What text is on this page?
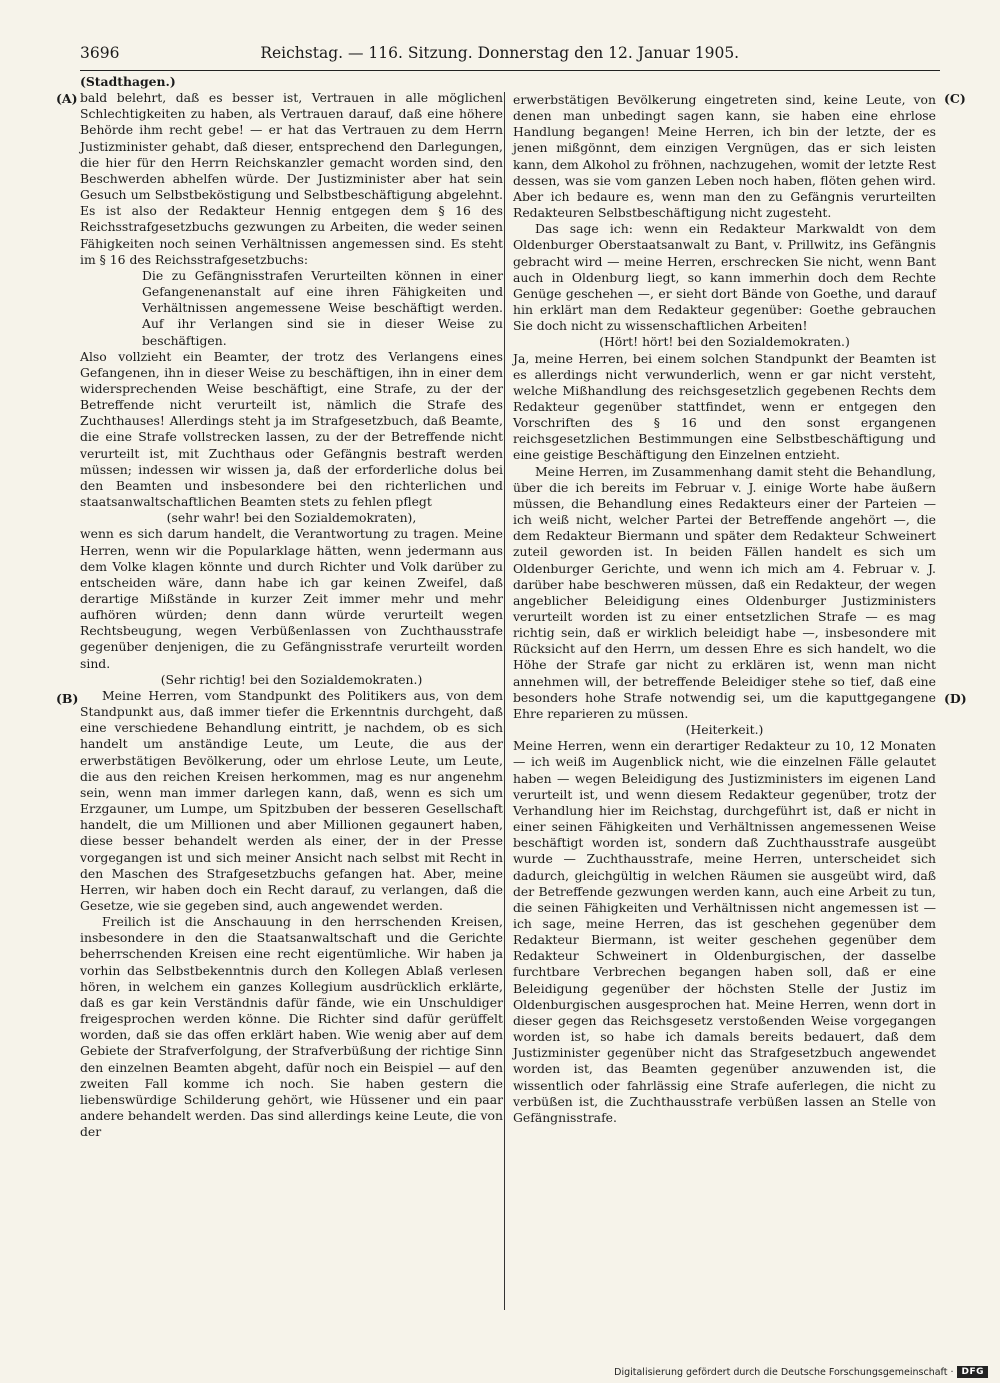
3696	Reichstag. — 116. Sitzung. Donnerstag den 12. Januar 1905.
(A)
(B)
(C)
(D)

(Stadthagen.)

bald belehrt, daß es besser ist, Vertrauen in alle möglichen Schlechtigkeiten zu haben, als Vertrauen darauf, daß eine höhere Behörde ihm recht gebe! — er hat das Vertrauen zu dem Herrn Justizminister gehabt, daß dieser, entsprechend den Darlegungen, die hier für den Herrn Reichskanzler gemacht worden sind, den Beschwerden abhelfen würde. Der Justizminister aber hat sein Gesuch um Selbstbeköstigung und Selbstbeschäftigung abgelehnt. Es ist also der Redakteur Hennig entgegen dem § 16 des Reichsstrafgesetzbuchs gezwungen zu Arbeiten, die weder seinen Fähigkeiten noch seinen Verhältnissen angemessen sind. Es steht im § 16 des Reichsstrafgesetzbuchs:

Die zu Gefängnisstrafen Verurteilten können in einer Gefangenenanstalt auf eine ihren Fähigkeiten und Verhältnissen angemessene Weise beschäftigt werden. Auf ihr Verlangen sind sie in dieser Weise zu beschäftigen.

Also vollzieht ein Beamter, der trotz des Verlangens eines Gefangenen, ihn in dieser Weise zu beschäftigen, ihn in einer dem widersprechenden Weise beschäftigt, eine Strafe, zu der der Betreffende nicht verurteilt ist, nämlich die Strafe des Zuchthauses! Allerdings steht ja im Strafgesetzbuch, daß Beamte, die eine Strafe vollstrecken lassen, zu der der Betreffende nicht verurteilt ist, mit Zuchthaus oder Gefängnis bestraft werden müssen; indessen wir wissen ja, daß der erforderliche dolus bei den Beamten und insbesondere bei den richterlichen und staatsanwaltschaftlichen Beamten stets zu fehlen pflegt

(sehr wahr! bei den Sozialdemokraten),

wenn es sich darum handelt, die Verantwortung zu tragen. Meine Herren, wenn wir die Popularklage hätten, wenn jedermann aus dem Volke klagen könnte und durch Richter und Volk darüber zu entscheiden wäre, dann habe ich gar keinen Zweifel, daß derartige Mißstände in kurzer Zeit immer mehr und mehr aufhören würden; denn dann würde verurteilt wegen Rechtsbeugung, wegen Verbüßenlassen von Zuchthausstrafe gegenüber denjenigen, die zu Gefängnisstrafe verurteilt worden sind.

(Sehr richtig! bei den Sozialdemokraten.)

Meine Herren, vom Standpunkt des Politikers aus, von dem Standpunkt aus, daß immer tiefer die Erkenntnis durchgeht, daß eine verschiedene Behandlung eintritt, je nachdem, ob es sich handelt um anständige Leute, um Leute, die aus der erwerbstätigen Bevölkerung, oder um ehrlose Leute, um Leute, die aus den reichen Kreisen herkommen, mag es nur angenehm sein, wenn man immer darlegen kann, daß, wenn es sich um Erzgauner, um Lumpe, um Spitzbuben der besseren Gesellschaft handelt, die um Millionen und aber Millionen gegaunert haben, diese besser behandelt werden als einer, der in der Presse vorgegangen ist und sich meiner Ansicht nach selbst mit Recht in den Maschen des Strafgesetzbuchs gefangen hat. Aber, meine Herren, wir haben doch ein Recht darauf, zu verlangen, daß die Gesetze, wie sie gegeben sind, auch angewendet werden.

Freilich ist die Anschauung in den herrschenden Kreisen, insbesondere in den die Staatsanwaltschaft und die Gerichte beherrschenden Kreisen eine recht eigentümliche. Wir haben ja vorhin das Selbstbekenntnis durch den Kollegen Ablaß verlesen hören, in welchem ein ganzes Kollegium ausdrücklich erklärte, daß es gar kein Verständnis dafür fände, wie ein Unschuldiger freigesprochen werden könne. Die Richter sind dafür gerüffelt worden, daß sie das offen erklärt haben. Wie wenig aber auf dem Gebiete der Strafverfolgung, der Strafverbüßung der richtige Sinn den einzelnen Beamten abgeht, dafür noch ein Beispiel — auf den zweiten Fall komme ich noch. Sie haben gestern die liebenswürdige Schilderung gehört, wie Hüssener und ein paar andere behandelt werden. Das sind allerdings keine Leute, die von der

erwerbstätigen Bevölkerung eingetreten sind, keine Leute, von denen man unbedingt sagen kann, sie haben eine ehrlose Handlung begangen! Meine Herren, ich bin der letzte, der es jenen mißgönnt, dem einzigen Vergnügen, das er sich leisten kann, dem Alkohol zu fröhnen, nachzugehen, womit der letzte Rest dessen, was sie vom ganzen Leben noch haben, flöten gehen wird. Aber ich bedaure es, wenn man den zu Gefängnis verurteilten Redakteuren Selbstbeschäftigung nicht zugesteht.

Das sage ich: wenn ein Redakteur Markwaldt von dem Oldenburger Oberstaatsanwalt zu Bant, v. Prillwitz, ins Gefängnis gebracht wird — meine Herren, erschrecken Sie nicht, wenn Bant auch in Oldenburg liegt, so kann immerhin doch dem Rechte Genüge geschehen —, er sieht dort Bände von Goethe, und darauf hin erklärt man dem Redakteur gegenüber: Goethe gebrauchen Sie doch nicht zu wissenschaftlichen Arbeiten!

(Hört! hört! bei den Sozialdemokraten.)

Ja, meine Herren, bei einem solchen Standpunkt der Beamten ist es allerdings nicht verwunderlich, wenn er gar nicht versteht, welche Mißhandlung des reichsgesetzlich gegebenen Rechts dem Redakteur gegenüber stattfindet, wenn er entgegen den Vorschriften des § 16 und den sonst ergangenen reichsgesetzlichen Bestimmungen eine Selbstbeschäftigung und eine geistige Beschäftigung den Einzelnen entzieht.

Meine Herren, im Zusammenhang damit steht die Behandlung, über die ich bereits im Februar v. J. einige Worte habe äußern müssen, die Behandlung eines Redakteurs einer der Parteien — ich weiß nicht, welcher Partei der Betreffende angehört —, die dem Redakteur Biermann und später dem Redakteur Schweinert zuteil geworden ist. In beiden Fällen handelt es sich um Oldenburger Gerichte, und wenn ich mich am 4. Februar v. J. darüber habe beschweren müssen, daß ein Redakteur, der wegen angeblicher Beleidigung eines Oldenburger Justizministers verurteilt worden ist zu einer entsetzlichen Strafe — es mag richtig sein, daß er wirklich beleidigt habe —, insbesondere mit Rücksicht auf den Herrn, um dessen Ehre es sich handelt, wo die Höhe der Strafe gar nicht zu erklären ist, wenn man nicht annehmen will, der betreffende Beleidiger stehe so tief, daß eine besonders hohe Strafe notwendig sei, um die kaputtgegangene Ehre reparieren zu müssen.

(Heiterkeit.)

Meine Herren, wenn ein derartiger Redakteur zu 10, 12 Monaten — ich weiß im Augenblick nicht, wie die einzelnen Fälle gelautet haben — wegen Beleidigung des Justizministers im eigenen Land verurteilt ist, und wenn diesem Redakteur gegenüber, trotz der Verhandlung hier im Reichstag, durchgeführt ist, daß er nicht in einer seinen Fähigkeiten und Verhältnissen angemessenen Weise beschäftigt worden ist, sondern daß Zuchthausstrafe ausgeübt wurde — Zuchthausstrafe, meine Herren, unterscheidet sich dadurch, gleichgültig in welchen Räumen sie ausgeübt wird, daß der Betreffende gezwungen werden kann, auch eine Arbeit zu tun, die seinen Fähigkeiten und Verhältnissen nicht angemessen ist — ich sage, meine Herren, das ist geschehen gegenüber dem Redakteur Biermann, ist weiter geschehen gegenüber dem Redakteur Schweinert in Oldenburgischen, der dasselbe furchtbare Verbrechen begangen haben soll, daß er eine Beleidigung gegenüber der höchsten Stelle der Justiz im Oldenburgischen ausgesprochen hat. Meine Herren, wenn dort in dieser gegen das Reichsgesetz verstoßenden Weise vorgegangen worden ist, so habe ich damals bereits bedauert, daß dem Justizminister gegenüber nicht das Strafgesetzbuch angewendet worden ist, das Beamten gegenüber anzuwenden ist, die wissentlich oder fahrlässig eine Strafe auferlegen, die nicht zu verbüßen ist, die Zuchthausstrafe verbüßen lassen an Stelle von Gefängnisstrafe.

Digitalisierung gefördert durch die Deutsche Forschungsgemeinschaft · DFG
